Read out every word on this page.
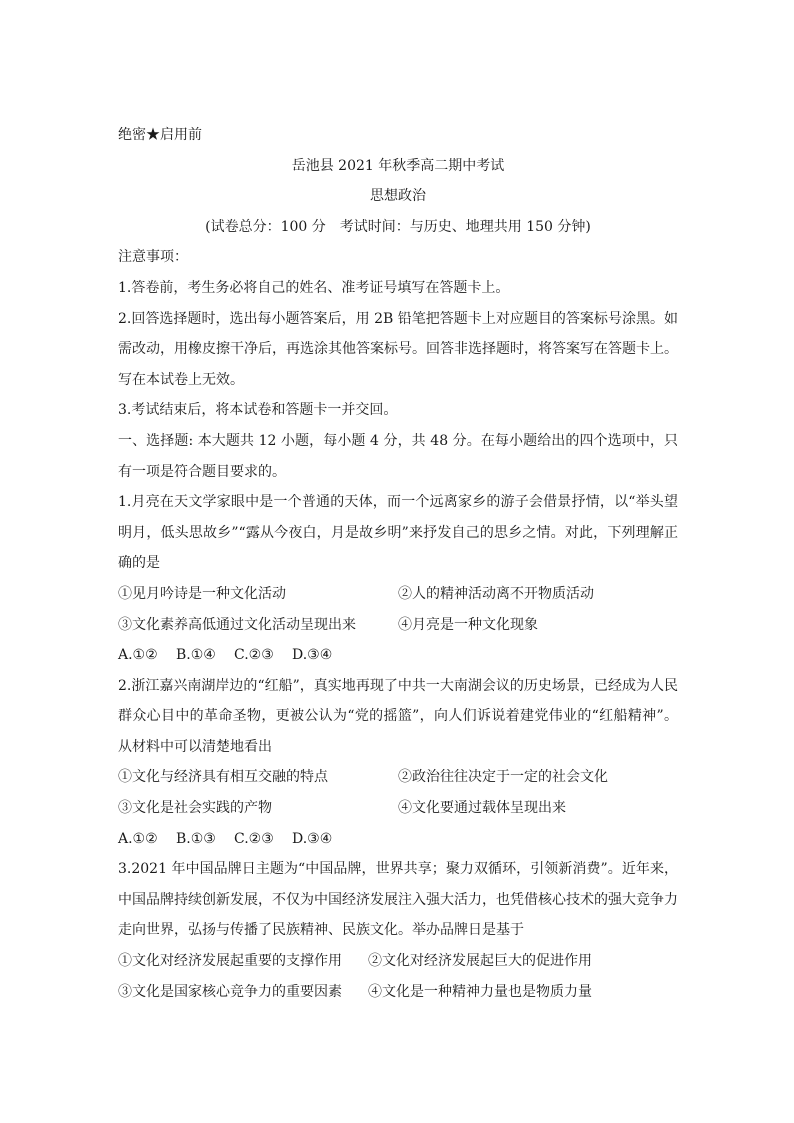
绝密★启用前
岳池县 2021 年秋季高二期中考试
思想政治
(试卷总分：100 分　考试时间：与历史、地理共用 150 分钟)
注意事项：
1.答卷前，考生务必将自己的姓名、准考证号填写在答题卡上。
2.回答选择题时，选出每小题答案后，用 2B 铅笔把答题卡上对应题目的答案标号涂黑。如需改动，用橡皮擦干净后，再选涂其他答案标号。回答非选择题时，将答案写在答题卡上。写在本试卷上无效。
3.考试结束后，将本试卷和答题卡一并交回。
一、选择题: 本大题共 12 小题，每小题 4 分，共 48 分。在每小题给出的四个选项中，只有一项是符合题目要求的。
1.月亮在天文学家眼中是一个普通的天体，而一个远离家乡的游子会借景抒情，以“举头望明月，低头思故乡”“露从今夜白，月是故乡明”来抒发自己的思乡之情。对此，下列理解正确的是
①见月吟诗是一种文化活动	②人的精神活动离不开物质活动
③文化素养高低通过文化活动呈现出来	④月亮是一种文化现象
A.①②	B.①④	C.②③	D.③④
2.浙江嘉兴南湖岸边的“红船”，真实地再现了中共一大南湖会议的历史场景，已经成为人民群众心目中的革命圣物，更被公认为“党的摇篮”，向人们诉说着建党伟业的“红船精神”。从材料中可以清楚地看出
①文化与经济具有相互交融的特点	②政治往往决定于一定的社会文化
③文化是社会实践的产物	④文化要通过载体呈现出来
A.①②	B.①③	C.②③	D.③④
3.2021 年中国品牌日主题为“中国品牌，世界共享；聚力双循环，引领新消费”。近年来，中国品牌持续创新发展，不仅为中国经济发展注入强大活力，也凭借核心技术的强大竞争力走向世界，弘扬与传播了民族精神、民族文化。举办品牌日是基于
①文化对经济发展起重要的支撑作用	②文化对经济发展起巨大的促进作用
③文化是国家核心竞争力的重要因素	④文化是一种精神力量也是物质力量
